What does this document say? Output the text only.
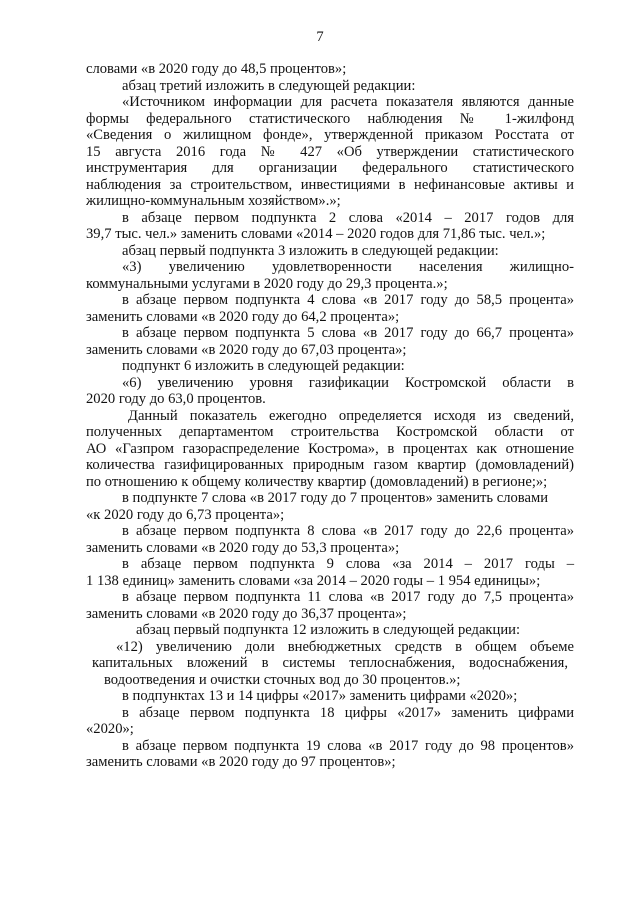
7
словами «в 2020 году до 48,5 процентов»;
абзац третий изложить в следующей редакции:
«Источником информации для расчета показателя являются данные
формы федерального статистического наблюдения № 1-жилфонд
«Сведения о жилищном фонде», утвержденной приказом Росстата от
15 августа 2016 года № 427 «Об утверждении статистического
инструментария для организации федерального статистического
наблюдения за строительством, инвестициями в нефинансовые активы и
жилищно-коммунальным хозяйством».»;
в абзаце первом подпункта 2 слова «2014 – 2017 годов для
39,7 тыс. чел.» заменить словами «2014 – 2020 годов для 71,86 тыс. чел.»;
абзац первый подпункта 3 изложить в следующей редакции:
«3) увеличению удовлетворенности населения жилищно-
коммунальными услугами в 2020 году до 29,3 процента.»;
в абзаце первом подпункта 4 слова «в 2017 году до 58,5 процента»
заменить словами «в 2020 году до 64,2 процента»;
в абзаце первом подпункта 5 слова «в 2017 году до 66,7 процента»
заменить словами «в 2020 году до 67,03 процента»;
подпункт 6 изложить в следующей редакции:
«6) увеличению уровня газификации Костромской области в
2020 году до 63,0 процентов.
Данный показатель ежегодно определяется исходя из сведений,
полученных департаментом строительства Костромской области от
АО «Газпром газораспределение Кострома», в процентах как отношение
количества газифицированных природным газом квартир (домовладений)
по отношению к общему количеству квартир (домовладений) в регионе;»;
в подпункте 7 слова «в 2017 году до 7 процентов» заменить словами
«к 2020 году до 6,73 процента»;
в абзаце первом подпункта 8 слова «в 2017 году до 22,6 процента»
заменить словами «в 2020 году до 53,3 процента»;
в абзаце первом подпункта 9 слова «за 2014 – 2017 годы –
1 138 единиц» заменить словами «за 2014 – 2020 годы – 1 954 единицы»;
в абзаце первом подпункта 11 слова «в 2017 году до 7,5 процента»
заменить словами «в 2020 году до 36,37 процента»;
абзац первый подпункта 12 изложить в следующей редакции:
«12) увеличению доли внебюджетных средств в общем объеме
капитальных вложений в системы теплоснабжения, водоснабжения,
водоотведения и очистки сточных вод до 30 процентов.»;
в подпунктах 13 и 14 цифры «2017» заменить цифрами «2020»;
в абзаце первом подпункта 18 цифры «2017» заменить цифрами
«2020»;
в абзаце первом подпункта 19 слова «в 2017 году до 98 процентов»
заменить словами «в 2020 году до 97 процентов»;
